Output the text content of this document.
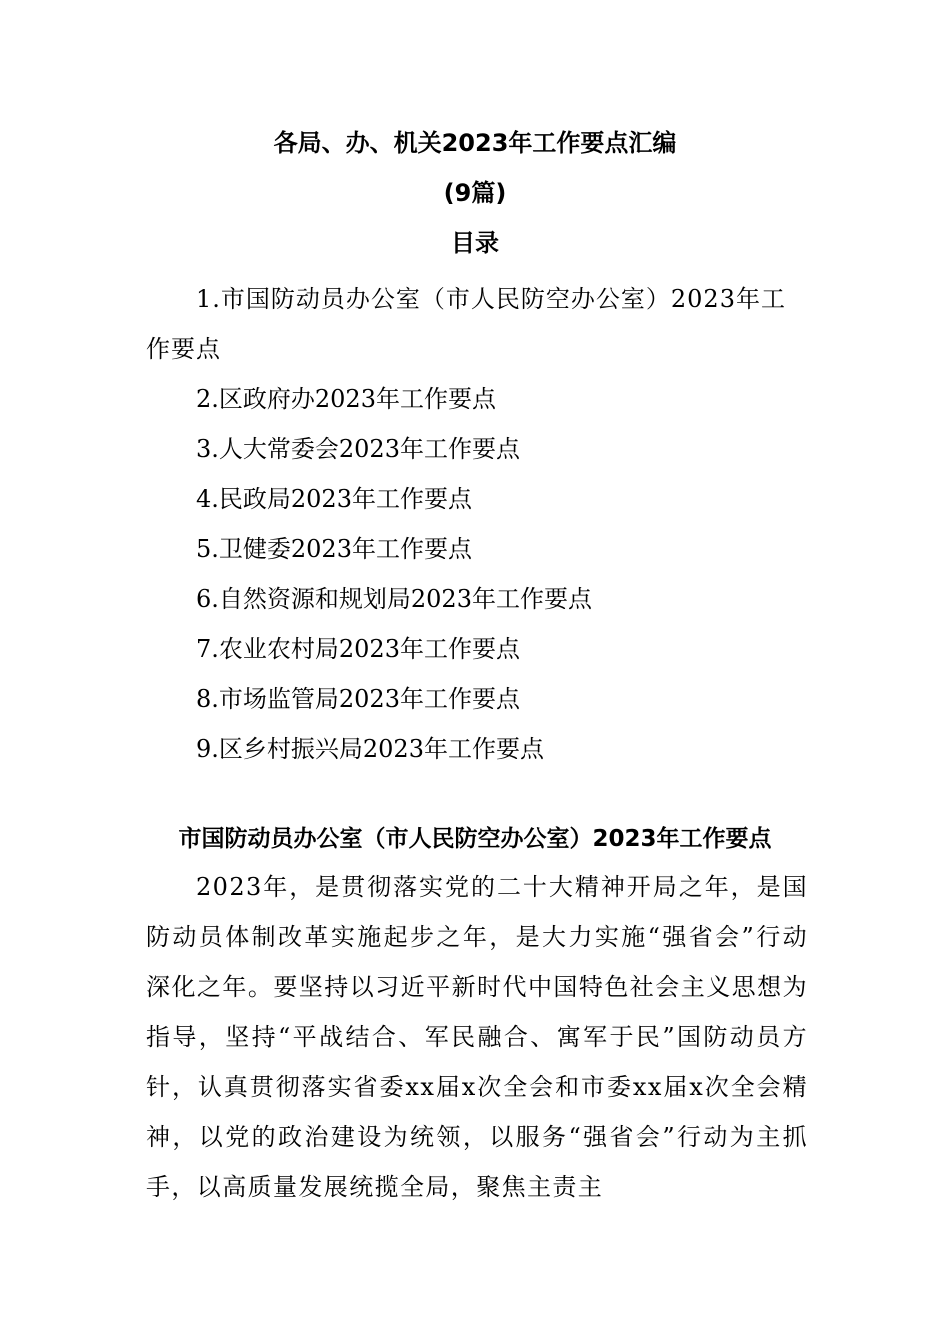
各局、办、机关2023年工作要点汇编
(9篇)
目录
1.市国防动员办公室（市人民防空办公室）2023年工作要点
2.区政府办2023年工作要点
3.人大常委会2023年工作要点
4.民政局2023年工作要点
5.卫健委2023年工作要点
6.自然资源和规划局2023年工作要点
7.农业农村局2023年工作要点
8.市场监管局2023年工作要点
9.区乡村振兴局2023年工作要点
市国防动员办公室（市人民防空办公室）2023年工作要点

2023年，是贯彻落实党的二十大精神开局之年，是国防动员体制改革实施起步之年，是大力实施“强省会”行动深化之年。要坚持以习近平新时代中国特色社会主义思想为指导，坚持“平战结合、军民融合、寓军于民”国防动员方针，认真贯彻落实省委xx届x次全会和市委xx届x次全会精神，以党的政治建设为统领，以服务“强省会”行动为主抓手，以高质量发展统揽全局，聚焦主责主
